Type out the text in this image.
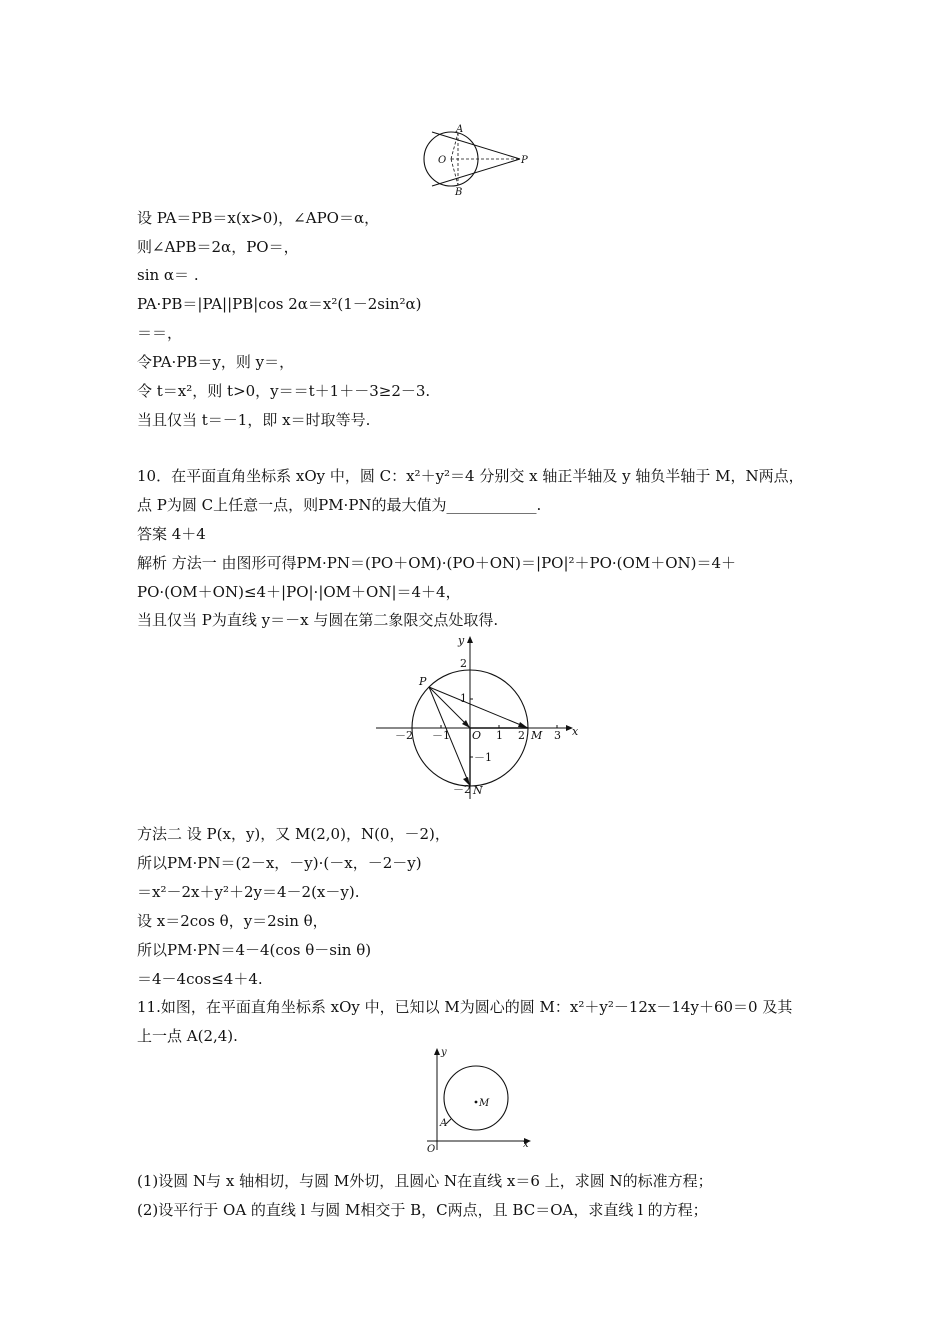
A
B
O	P
设 PA＝PB＝x(x>0)，∠APO＝α，
则∠APB＝2α，PO＝，
sin α＝ .
PA·PB＝|PA||PB|cos 2α＝x²(1－2sin²α)
＝＝，
令PA·PB＝y，则 y＝，
令 t＝x²，则 t>0，y＝＝t＋1＋－3≥2－3.
当且仅当 t＝－1，即 x＝时取等号.
10．在平面直角坐标系 xOy 中，圆 C：x²＋y²＝4 分别交 x 轴正半轴及 y 轴负半轴于 M，N两点，
点 P为圆 C上任意一点，则PM·PN的最大值为____________.
答案 4＋4
解析 方法一 由图形可得PM·PN＝(PO＋OM)·(PO＋ON)＝|PO|²＋PO·(OM＋ON)＝4＋
PO·(OM＋ON)≤4＋|PO|·|OM＋ON|＝4＋4，
当且仅当 P为直线 y＝－x 与圆在第二象限交点处取得.
x
y
O
－2 －1	1 2	3
2
1
－1
－2
P
M
N
方法二 设 P(x，y)，又 M(2,0)，N(0，－2)，
所以PM·PN＝(2－x，－y)·(－x，－2－y)
＝x²－2x＋y²＋2y＝4－2(x－y).
设 x＝2cos θ，y＝2sin θ，
所以PM·PN＝4－4(cos θ－sin θ)
＝4－4cos≤4＋4.
11.如图，在平面直角坐标系 xOy 中，已知以 M为圆心的圆 M：x²＋y²－12x－14y＋60＝0 及其
上一点 A(2,4).
M
A
O	x
y
(1)设圆 N与 x 轴相切，与圆 M外切，且圆心 N在直线 x＝6 上，求圆 N的标准方程；
(2)设平行于 OA 的直线 l 与圆 M相交于 B，C两点，且 BC＝OA，求直线 l 的方程；
